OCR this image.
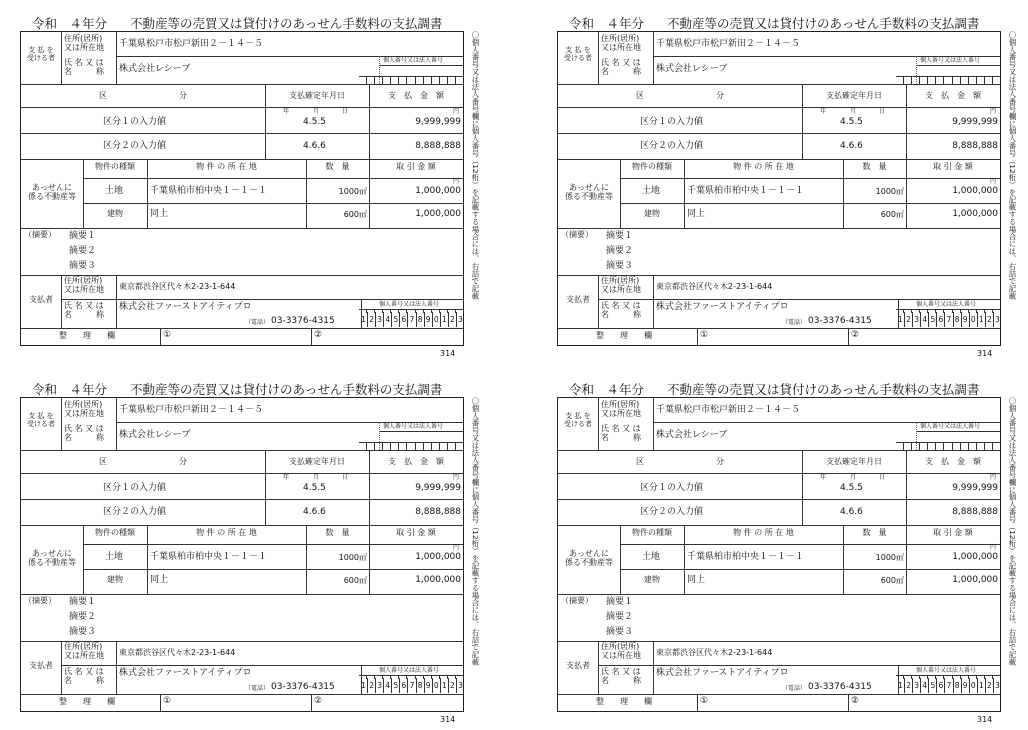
令和　４年分 不動産等の売買又は貸付けのあっせん手数料の支払調書
支 払 を
受ける者
住所(居所)
又は所在地 千葉県松戸市松戸新田２－１４－５
氏 名 又 は
名　　　称 株式会社レシーブ
個人番号又は法人番号
区　　　　　　　　　分	支払確定年月日	支　払　金　額
年	月	日	円
区分１の入力値	4.5.5	9,999,999
区分２の入力値	4.6.6	8,888,888
あっせんに
係る不動産等
物件の種類	物 件 の 所 在 地	数　量	取 引 金 額
円
土地	千葉県柏市柏中央１－１－１	1000㎡	1,000,000
建物	同上	600㎡	1,000,000
（摘要） 摘要１
摘要２
摘要３
支払者
住所(居所)
又は所在地 東京都渋谷区代々木2-23-1-644
氏 名 又 は
名　　　称
株式会社ファーストアイティプロ	個人番号又は法人番号
（電話） 03-3376-4315
整　　理　　欄	①	②
1 2 3 4 5 6 7 8 9 0 1 2 3
〇個人番号又は法人番号欄に個人番号（12桁）を記載する場合には、右詰で記載
314
令和　４年分 不動産等の売買又は貸付けのあっせん手数料の支払調書
支 払 を
受ける者
住所(居所)
又は所在地 千葉県松戸市松戸新田２－１４－５
氏 名 又 は
名　　　称 株式会社レシーブ
個人番号又は法人番号
区　　　　　　　　　分	支払確定年月日	支　払　金　額
年	月	日	円
区分１の入力値	4.5.5	9,999,999
区分２の入力値	4.6.6	8,888,888
あっせんに
係る不動産等
物件の種類	物 件 の 所 在 地	数　量	取 引 金 額
円
土地	千葉県柏市柏中央１－１－１	1000㎡	1,000,000
建物	同上	600㎡	1,000,000
（摘要） 摘要１
摘要２
摘要３
支払者
住所(居所)
又は所在地 東京都渋谷区代々木2-23-1-644
氏 名 又 は
名　　　称
株式会社ファーストアイティプロ	個人番号又は法人番号
（電話） 03-3376-4315
整　　理　　欄	①	②
1 2 3 4 5 6 7 8 9 0 1 2 3
〇個人番号又は法人番号欄に個人番号（12桁）を記載する場合には、右詰で記載
314
令和　４年分 不動産等の売買又は貸付けのあっせん手数料の支払調書
支 払 を
受ける者
住所(居所)
又は所在地 千葉県松戸市松戸新田２－１４－５
氏 名 又 は
名　　　称 株式会社レシーブ
個人番号又は法人番号
区　　　　　　　　　分	支払確定年月日	支　払　金　額
年	月	日	円
区分１の入力値	4.5.5	9,999,999
区分２の入力値	4.6.6	8,888,888
あっせんに
係る不動産等
物件の種類	物 件 の 所 在 地	数　量	取 引 金 額
円
土地	千葉県柏市柏中央１－１－１	1000㎡	1,000,000
建物	同上	600㎡	1,000,000
（摘要） 摘要１
摘要２
摘要３
支払者
住所(居所)
又は所在地 東京都渋谷区代々木2-23-1-644
氏 名 又 は
名　　　称
株式会社ファーストアイティプロ	個人番号又は法人番号
（電話） 03-3376-4315
整　　理　　欄	①	②
1 2 3 4 5 6 7 8 9 0 1 2 3
〇個人番号又は法人番号欄に個人番号（12桁）を記載する場合には、右詰で記載
314
令和　４年分 不動産等の売買又は貸付けのあっせん手数料の支払調書
支 払 を
受ける者
住所(居所)
又は所在地 千葉県松戸市松戸新田２－１４－５
氏 名 又 は
名　　　称 株式会社レシーブ
個人番号又は法人番号
区　　　　　　　　　分	支払確定年月日	支　払　金　額
年	月	日	円
区分１の入力値	4.5.5	9,999,999
区分２の入力値	4.6.6	8,888,888
あっせんに
係る不動産等
物件の種類	物 件 の 所 在 地	数　量	取 引 金 額
円
土地	千葉県柏市柏中央１－１－１	1000㎡	1,000,000
建物	同上	600㎡	1,000,000
（摘要） 摘要１
摘要２
摘要３
支払者
住所(居所)
又は所在地 東京都渋谷区代々木2-23-1-644
氏 名 又 は
名　　　称
株式会社ファーストアイティプロ	個人番号又は法人番号
（電話） 03-3376-4315
整　　理　　欄	①	②
1 2 3 4 5 6 7 8 9 0 1 2 3
〇個人番号又は法人番号欄に個人番号（12桁）を記載する場合には、右詰で記載
314
